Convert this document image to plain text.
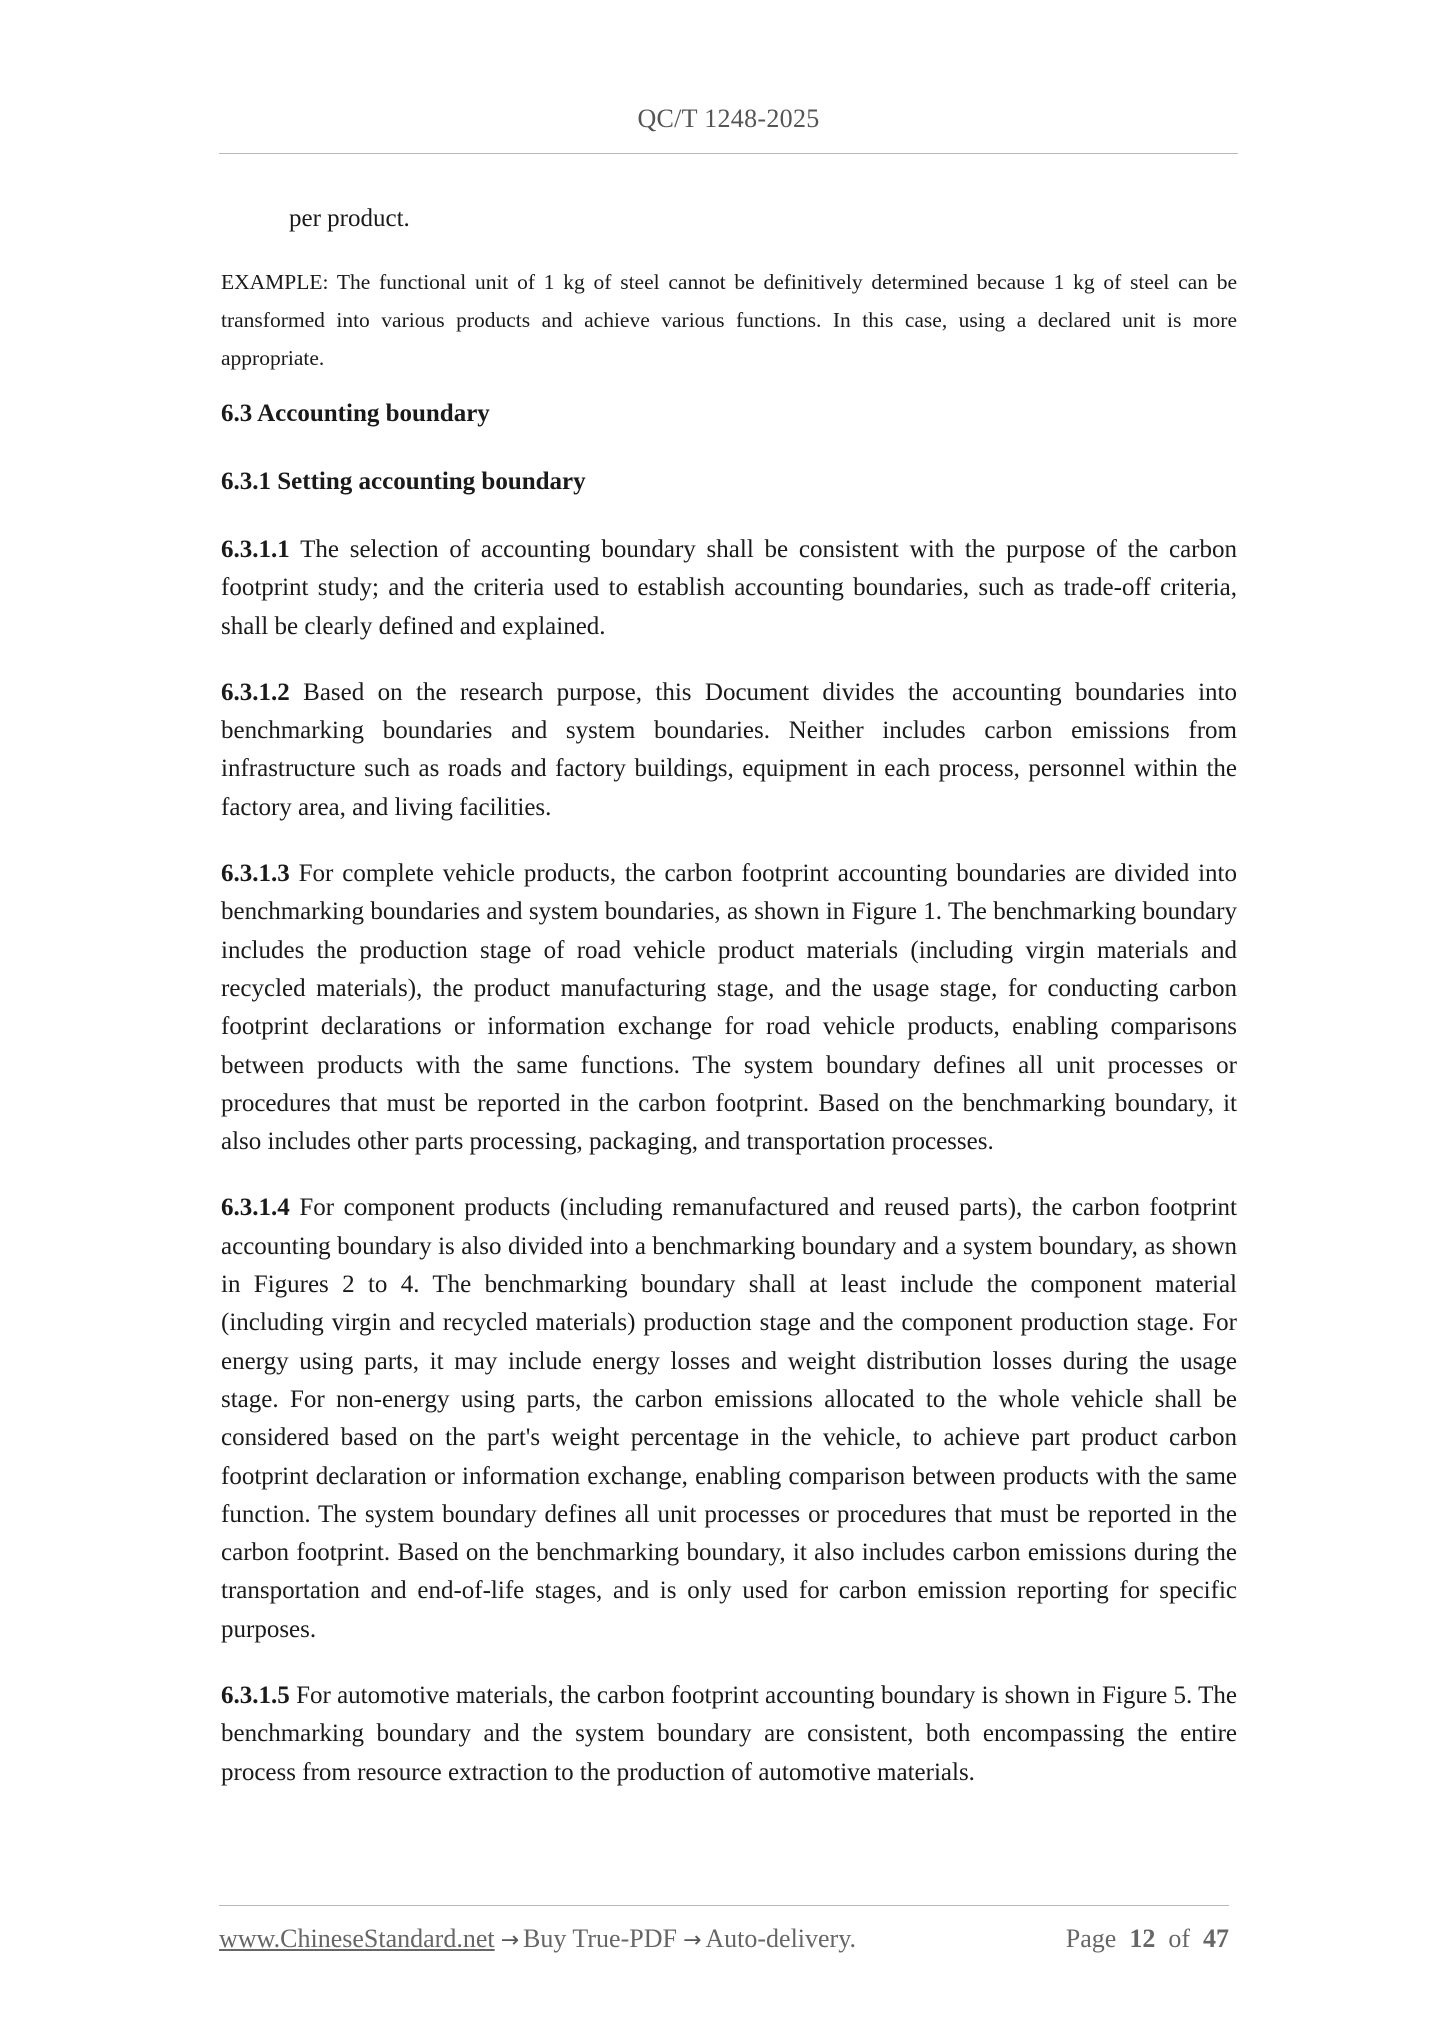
QC/T 1248-2025

per product.

EXAMPLE: The functional unit of 1 kg of steel cannot be definitively determined because 1 kg of steel can be transformed into various products and achieve various functions. In this case, using a declared unit is more appropriate.

6.3 Accounting boundary
6.3.1 Setting accounting boundary

6.3.1.1 The selection of accounting boundary shall be consistent with the purpose of the carbon footprint study; and the criteria used to establish accounting boundaries, such as trade-off criteria, shall be clearly defined and explained.

6.3.1.2 Based on the research purpose, this Document divides the accounting boundaries into benchmarking boundaries and system boundaries. Neither includes carbon emissions from infrastructure such as roads and factory buildings, equipment in each process, personnel within the factory area, and living facilities.

6.3.1.3 For complete vehicle products, the carbon footprint accounting boundaries are divided into benchmarking boundaries and system boundaries, as shown in Figure 1. The benchmarking boundary includes the production stage of road vehicle product materials (including virgin materials and recycled materials), the product manufacturing stage, and the usage stage, for conducting carbon footprint declarations or information exchange for road vehicle products, enabling comparisons between products with the same functions. The system boundary defines all unit processes or procedures that must be reported in the carbon footprint. Based on the benchmarking boundary, it also includes other parts processing, packaging, and transportation processes.

6.3.1.4 For component products (including remanufactured and reused parts), the carbon footprint accounting boundary is also divided into a benchmarking boundary and a system boundary, as shown in Figures 2 to 4. The benchmarking boundary shall at least include the component material (including virgin and recycled materials) production stage and the component production stage. For energy using parts, it may include energy losses and weight distribution losses during the usage stage. For non-energy using parts, the carbon emissions allocated to the whole vehicle shall be considered based on the part's weight percentage in the vehicle, to achieve part product carbon footprint declaration or information exchange, enabling comparison between products with the same function. The system boundary defines all unit processes or procedures that must be reported in the carbon footprint. Based on the benchmarking boundary, it also includes carbon emissions during the transportation and end-of-life stages, and is only used for carbon emission reporting for specific purposes.

6.3.1.5 For automotive materials, the carbon footprint accounting boundary is shown in Figure 5. The benchmarking boundary and the system boundary are consistent, both encompassing the entire process from resource extraction to the production of automotive materials.

www.ChineseStandard.net → Buy True-PDF → Auto-delivery.	Page 12 of 47
